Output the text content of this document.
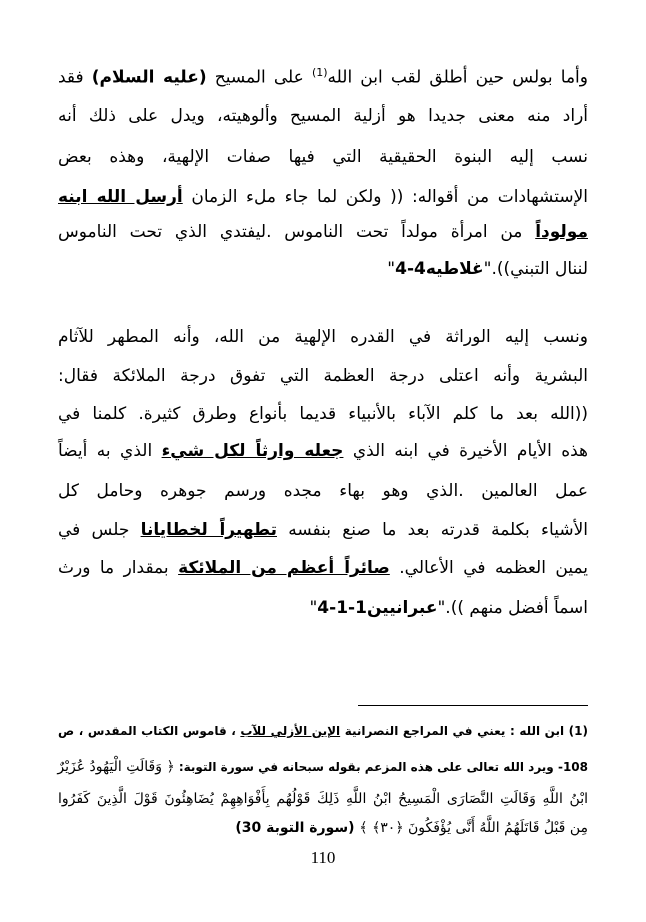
وأما بولس حين أطلق لقب ابن الله$^{(1)}$ على المسيح (عليه السلام) فقد
أراد منه معنى جديدا هو أزلية المسيح وألوهيته، ويدل على ذلك أنه
نسب إليه البنوة الحقيقية التي فيها صفات الإلهية، وهذه بعض
الإستشهادات من أقواله: (( ولكن لما جاء ملء الزمان أرسل الله ابنه
مولوداً من امرأة مولداً تحت الناموس .ليفتدي الذي تحت الناموس
لننال التبني))."غلاطيه4-4"
ونسب إليه الوراثة في القدره الإلهية من الله، وأنه المطهر للآثام
البشرية وأنه اعتلى درجة العظمة التي تفوق درجة الملائكة فقال:
((الله بعد ما كلم الآباء بالأنبياء قديما بأنواع وطرق كثيرة. كلمنا في
هذه الأيام الأخيرة في ابنه الذي جعله وارثاً لكل شيء الذي به أيضاً
عمل العالمين .الذي وهو بهاء مجده ورسم جوهره وحامل كل
الأشياء بكلمة قدرته بعد ما صنع بنفسه تطهيراً لخطايانا جلس في
يمين العظمه في الأعالي. صائراً أعظم من الملائكة بمقدار ما ورث
اسماً أفضل منهم ))."عبرانيين1-1-4"
(1) ابن الله : يعني في المراجع النصرانية الإبن الأزلي للآب ، قاموس الكتاب المقدس ، ص
108- ويرد الله تعالى على هذه المزعم بقوله سبحانه في سورة التوبة: ﴿ وَقَالَتِ الْيَهُودُ عُزَيْرٌ
ابْنُ اللَّهِ وَقَالَتِ النَّصَارَى الْمَسِيحُ ابْنُ اللَّهِ ذَلِكَ قَوْلُهُم بِأَفْوَاهِهِمْ يُضَاهِئُونَ قَوْلَ الَّذِينَ كَفَرُوا
مِن قَبْلُ قَاتَلَهُمُ اللَّهُ أَنَّى يُؤْفَكُونَ ﴿٣٠﴾ ﴾ (سورة التوبة 30)
110
